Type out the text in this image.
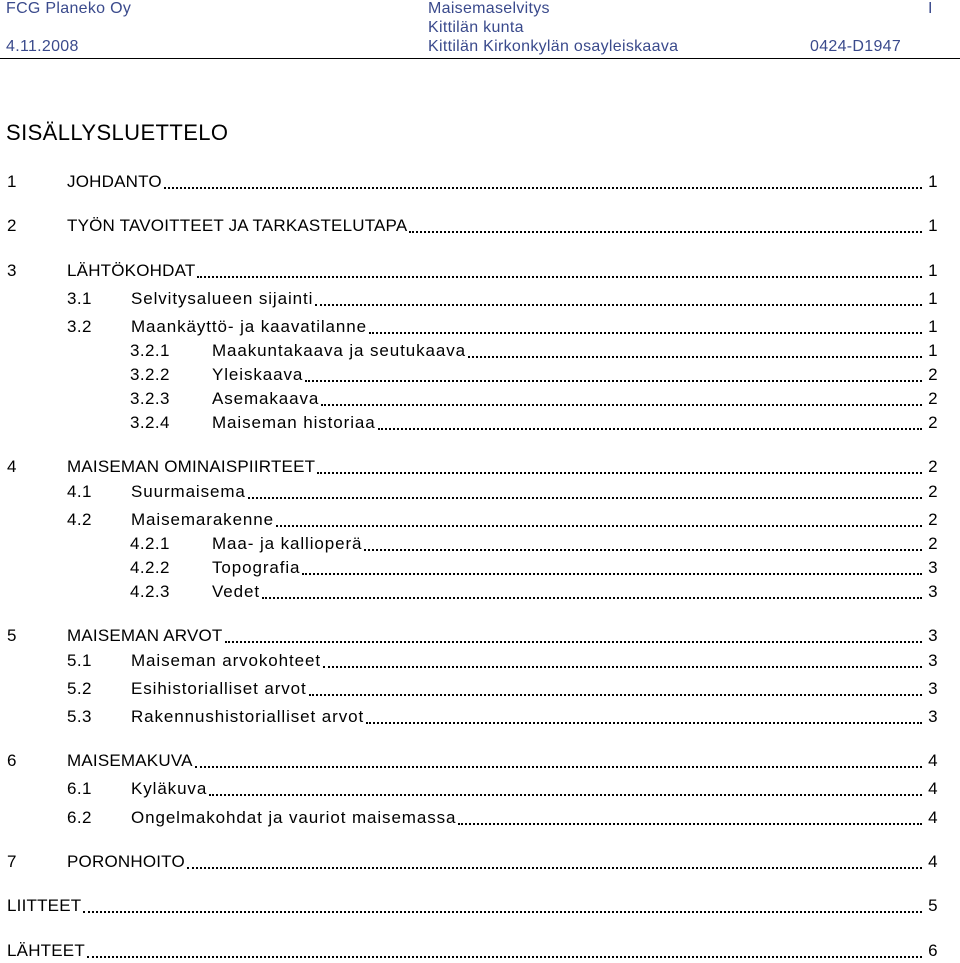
FCG Planeko Oy
4.11.2008
Maisemaselvitys
Kittilän kunta
Kittilän Kirkonkylän osayleiskaava
I
0424-D1947
SISÄLLYSLUETTELO
1	JOHDANTO	1
2	TYÖN TAVOITTEET JA TARKASTELUTAPA	1
3	LÄHTÖKOHDAT	1
3.1 Selvitysalueen sijainti	1
3.2 Maankäyttö- ja kaavatilanne	1
3.2.1 Maakuntakaava ja seutukaava	1
3.2.2 Yleiskaava	2
3.2.3 Asemakaava	2
3.2.4 Maiseman historiaa	2
4	MAISEMAN OMINAISPIIRTEET	2
4.1 Suurmaisema	2
4.2 Maisemarakenne	2
4.2.1 Maa- ja kallioperä	2
4.2.2 Topografia	3
4.2.3 Vedet	3
5	MAISEMAN ARVOT	3
5.1 Maiseman arvokohteet	3
5.2 Esihistorialliset arvot	3
5.3 Rakennushistorialliset arvot	3
6	MAISEMAKUVA	4
6.1 Kyläkuva	4
6.2 Ongelmakohdat ja vauriot maisemassa	4
7	PORONHOITO	4
LIITTEET	5
LÄHTEET	6
